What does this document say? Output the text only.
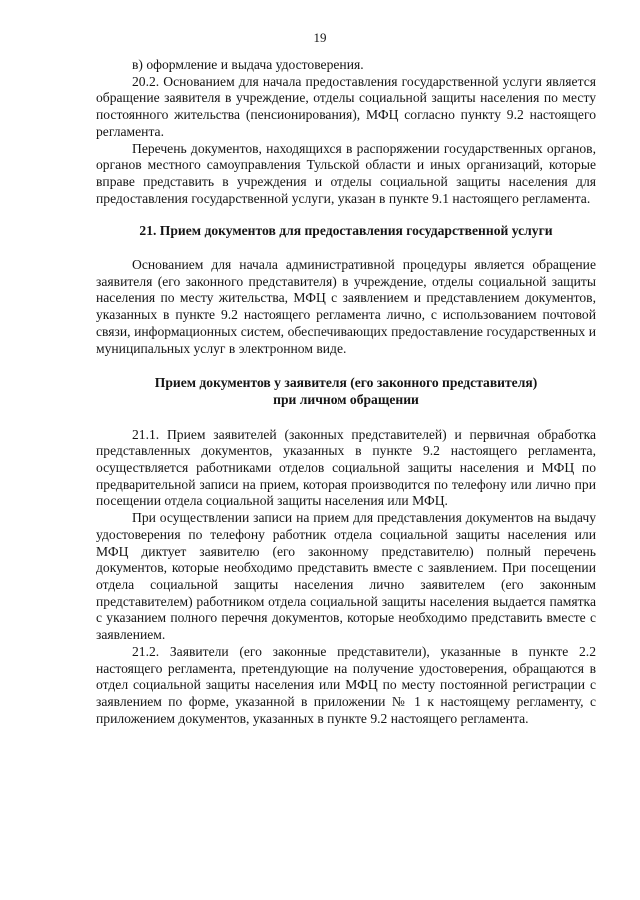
19

в) оформление и выдача удостоверения.

20.2. Основанием для начала предоставления государственной услуги является обращение заявителя в учреждение, отделы социальной защиты населения по месту постоянного жительства (пенсионирования), МФЦ согласно пункту 9.2 настоящего регламента.

Перечень документов, находящихся в распоряжении государственных органов, органов местного самоуправления Тульской области и иных организаций, которые вправе представить в учреждения и отделы социальной защиты населения для предоставления государственной услуги, указан в пункте 9.1 настоящего регламента.

21. Прием документов для предоставления государственной услуги

Основанием для начала административной процедуры является обращение заявителя (его законного представителя) в учреждение, отделы социальной защиты населения по месту жительства, МФЦ с заявлением и представлением документов, указанных в пункте 9.2 настоящего регламента лично, с использованием почтовой связи, информационных систем, обеспечивающих предоставление государственных и муниципальных услуг в электронном виде.

Прием документов у заявителя (его законного представителя)

при личном обращении

21.1. Прием заявителей (законных представителей) и первичная обработка представленных документов, указанных в пункте 9.2 настоящего регламента, осуществляется работниками отделов социальной защиты населения и МФЦ по предварительной записи на прием, которая производится по телефону или лично при посещении отдела социальной защиты населения или МФЦ.

При осуществлении записи на прием для представления документов на выдачу удостоверения по телефону работник отдела социальной защиты населения или МФЦ диктует заявителю (его законному представителю) полный перечень документов, которые необходимо представить вместе с заявлением. При посещении отдела социальной защиты населения лично заявителем (его законным представителем) работником отдела социальной защиты населения выдается памятка с указанием полного перечня документов, которые необходимо представить вместе с заявлением.

21.2. Заявители (его законные представители), указанные в пункте 2.2 настоящего регламента, претендующие на получение удостоверения, обращаются в отдел социальной защиты населения или МФЦ по месту постоянной регистрации с заявлением по форме, указанной в приложении № 1 к настоящему регламенту, с приложением документов, указанных в пункте 9.2 настоящего регламента.
